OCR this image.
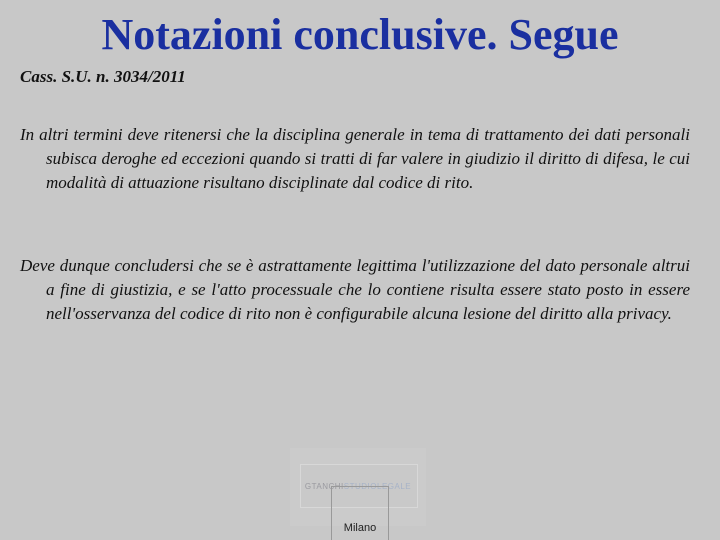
Notazioni conclusive. Segue
Cass. S.U. n. 3034/2011
In altri termini deve ritenersi che la disciplina generale in tema di trattamento dei dati personali subisca deroghe ed eccezioni quando si tratti di far valere in giudizio il diritto di difesa, le cui modalità di attuazione risultano disciplinate dal codice di rito.
Deve dunque concludersi che se è astrattamente legittima l'utilizzazione del dato personale altrui a fine di giustizia, e se l'atto processuale che lo contiene risulta essere stato posto in essere nell'osservanza del codice di rito non è configurabile alcuna lesione del diritto alla privacy.
GTANCHISTUDIOLEGALE
Milano
